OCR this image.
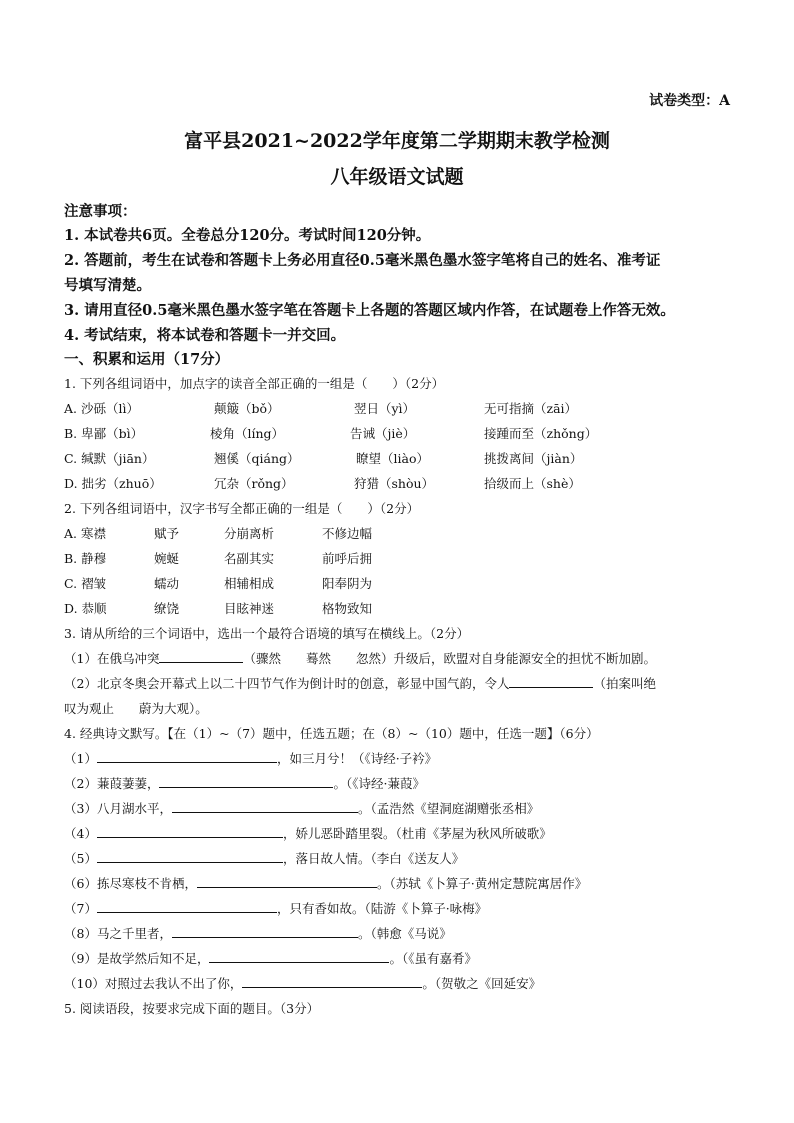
试卷类型：A
富平县2021~2022学年度第二学期期末教学检测
八年级语文试题
注意事项：
1. 本试卷共6页。全卷总分120分。考试时间120分钟。
2. 答题前，考生在试卷和答题卡上务必用直径0.5毫米黑色墨水签字笔将自己的姓名、准考证
号填写清楚。
3. 请用直径0.5毫米黑色墨水签字笔在答题卡上各题的答题区域内作答，在试题卷上作答无效。
4. 考试结束，将本试卷和答题卡一并交回。
一、积累和运用（17分）
1. 下列各组词语中，加点字的读音全部正确的一组是（　　）（2分）
A. 沙砾（lì）	颠簸（bǒ）	翌日（yì）	无可指摘（zāi）
B. 卑鄙（bì）	棱角（líng）	告诫（jiè）	接踵而至（zhǒng）
C. 缄默（jiān）	翘傒（qiáng）	瞭望（liào）	挑拨离间（jiàn）
D. 拙劣（zhuō）	冗杂（rǒng）	狩猎（shòu）	拾级而上（shè）
2. 下列各组词语中，汉字书写全都正确的一组是（　　）（2分）
A. 寒襟	赋予	分崩离析	不修边幅
B. 静穆	婉蜒	名副其实	前呼后拥
C. 褶皱	蠕动	相辅相成	阳奉阴为
D. 恭顺	缭饶	目眩神迷	格物致知
3. 请从所给的三个词语中，选出一个最符合语境的填写在横线上。（2分）
（1）在俄乌冲突	（骤然　　蓦然　　忽然）升级后，欧盟对自身能源安全的担忧不断加剧。
（2）北京冬奥会开幕式上以二十四节气作为倒计时的创意，彰显中国气韵，令人	（拍案叫绝
叹为观止　　蔚为大观）。
4. 经典诗文默写。【在（1）~（7）题中，任选五题；在（8）~（10）题中，任选一题】（6分）
（1）	，如三月兮！（《诗经·子衿》
（2）蒹葭萋萋，	。（《诗经·蒹葭》
（3）八月湖水平，	。（孟浩然《望洞庭湖赠张丞相》
（4）	，娇儿恶卧踏里裂。（杜甫《茅屋为秋风所破歌》
（5）	，落日故人情。（李白《送友人》
（6）拣尽寒枝不肯栖，	。（苏轼《卜算子·黄州定慧院寓居作》
（7）	，只有香如故。（陆游《卜算子·咏梅》
（8）马之千里者，	。（韩愈《马说》
（9）是故学然后知不足，	。（《虽有嘉肴》
（10）对照过去我认不出了你，	。（贺敬之《回延安》
5. 阅读语段，按要求完成下面的题目。（3分）
